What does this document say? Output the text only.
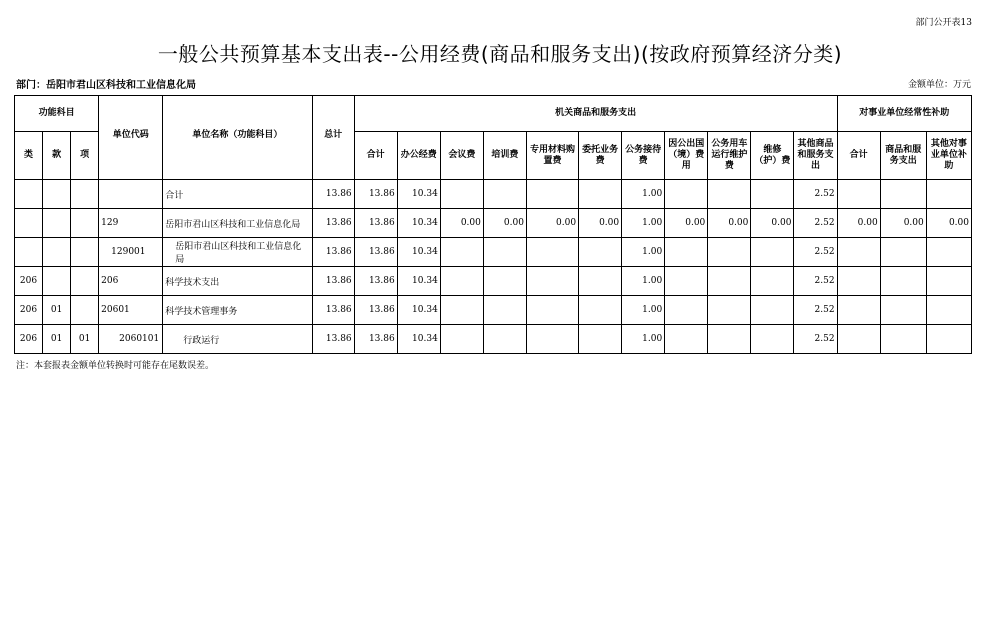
部门公开表13
一般公共预算基本支出表--公用经费(商品和服务支出)(按政府预算经济分类)
部门：岳阳市君山区科技和工业信息化局	金额单位：万元
功能科目			单位代码	单位名称（功能科目）	总计	机关商品和服务支出											对事业单位经常性补助		
类	款	项				合计	办公经费	会议费	培训费	专用材料购置费	委托业务费	公务接待费	因公出国（境）费用	公务用车运行维护费	维修（护）费	其他商品和服务支出	合计	商品和服务支出	其他对事业单位补助
				合计	13.86	13.86	10.34					1.00				2.52			
			129	岳阳市君山区科技和工业信息化局	13.86	13.86	10.34	0.00	0.00	0.00	0.00	1.00	0.00	0.00	0.00	2.52	0.00	0.00	0.00
			129001	岳阳市君山区科技和工业信息化局	13.86	13.86	10.34					1.00				2.52			
206			206	科学技术支出	13.86	13.86	10.34					1.00				2.52			
206	01		20601	科学技术管理事务	13.86	13.86	10.34					1.00				2.52			
206	01	01	2060101	行政运行	13.86	13.86	10.34					1.00				2.52			
注：本套报表金额单位转换时可能存在尾数误差。
